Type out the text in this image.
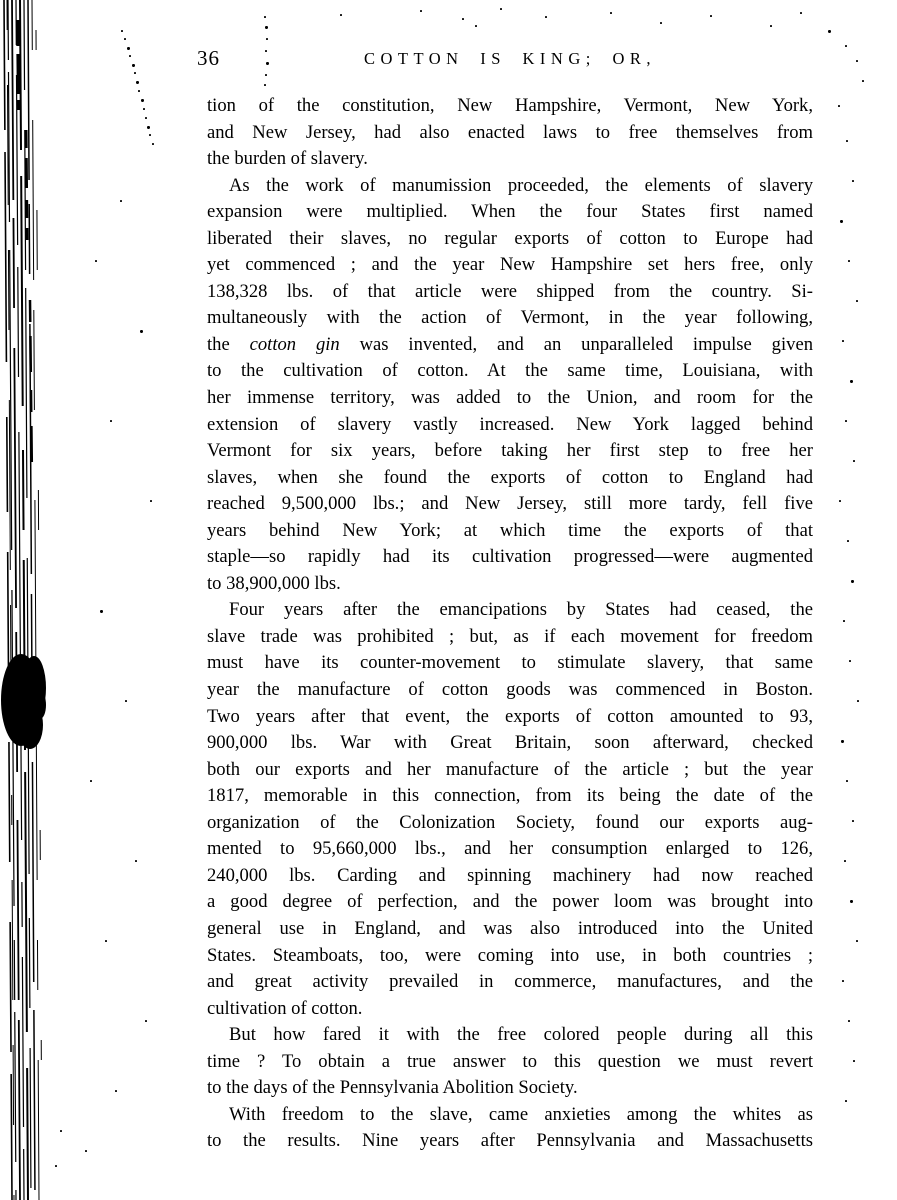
36	COTTON IS KING; OR,
tion of the constitution, New Hampshire, Vermont, New York,
and New Jersey, had also enacted laws to free themselves from
the burden of slavery.
As the work of manumission proceeded, the elements of slavery
expansion were multiplied. When the four States first named
liberated their slaves, no regular exports of cotton to Europe had
yet commenced ; and the year New Hampshire set hers free, only
138,328 lbs. of that article were shipped from the country. Si-
multaneously with the action of Vermont, in the year following,
the cotton gin was invented, and an unparalleled impulse given
to the cultivation of cotton. At the same time, Louisiana, with
her immense territory, was added to the Union, and room for the
extension of slavery vastly increased. New York lagged behind
Vermont for six years, before taking her first step to free her
slaves, when she found the exports of cotton to England had
reached 9,500,000 lbs.; and New Jersey, still more tardy, fell five
years behind New York; at which time the exports of that
staple—so rapidly had its cultivation progressed—were augmented
to 38,900,000 lbs.
Four years after the emancipations by States had ceased, the
slave trade was prohibited ; but, as if each movement for freedom
must have its counter-movement to stimulate slavery, that same
year the manufacture of cotton goods was commenced in Boston.
Two years after that event, the exports of cotton amounted to 93,
900,000 lbs. War with Great Britain, soon afterward, checked
both our exports and her manufacture of the article ; but the year
1817, memorable in this connection, from its being the date of the
organization of the Colonization Society, found our exports aug-
mented to 95,660,000 lbs., and her consumption enlarged to 126,
240,000 lbs. Carding and spinning machinery had now reached
a good degree of perfection, and the power loom was brought into
general use in England, and was also introduced into the United
States. Steamboats, too, were coming into use, in both countries ;
and great activity prevailed in commerce, manufactures, and the
cultivation of cotton.
But how fared it with the free colored people during all this
time ? To obtain a true answer to this question we must revert
to the days of the Pennsylvania Abolition Society.
With freedom to the slave, came anxieties among the whites as
to the results. Nine years after Pennsylvania and Massachusetts
